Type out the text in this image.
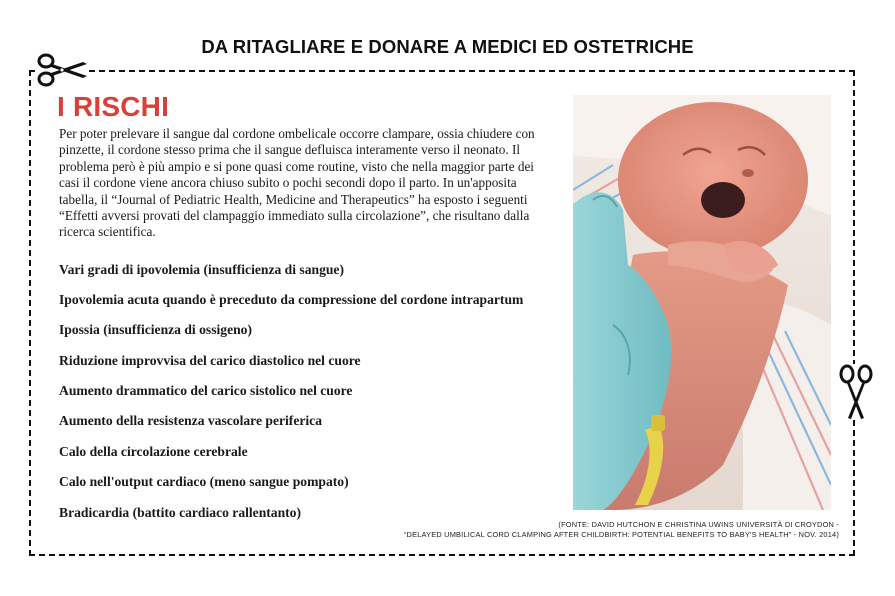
DA RITAGLIARE E DONARE A MEDICI ED OSTETRICHE
I RISCHI

Per poter prelevare il sangue dal cordone ombelicale occorre clampare, ossia chiudere con pinzette, il cordone stesso prima che il sangue defluisca interamente verso il neonato. Il problema però è più ampio e si pone quasi come routine, visto che nella maggior parte dei casi il cordone viene ancora chiuso subito o pochi secondi dopo il parto. In un'apposita tabella, il “Journal of Pediatric Health, Medicine and Therapeutics” ha esposto i seguenti “Effetti avversi provati del clampaggio immediato sulla circolazione”, che risultano dalla ricerca scientifica.

Vari gradi di ipovolemia (insufficienza di sangue)
Ipovolemia acuta quando è preceduto da compressione del cordone intrapartum
Ipossia (insufficienza di ossigeno)
Riduzione improvvisa del carico diastolico nel cuore
Aumento drammatico del carico sistolico nel cuore
Aumento della resistenza vascolare periferica
Calo della circolazione cerebrale
Calo nell'output cardiaco (meno sangue pompato)
Bradicardia (battito cardiaco rallentanto)
(FONTE: DAVID HUTCHON E CHRISTINA UWINS UNIVERSITÀ DI CROYDON -
“DELAYED UMBILICAL CORD CLAMPING AFTER CHILDBIRTH: POTENTIAL BENEFITS TO BABY'S HEALTH” - NOV. 2014)
